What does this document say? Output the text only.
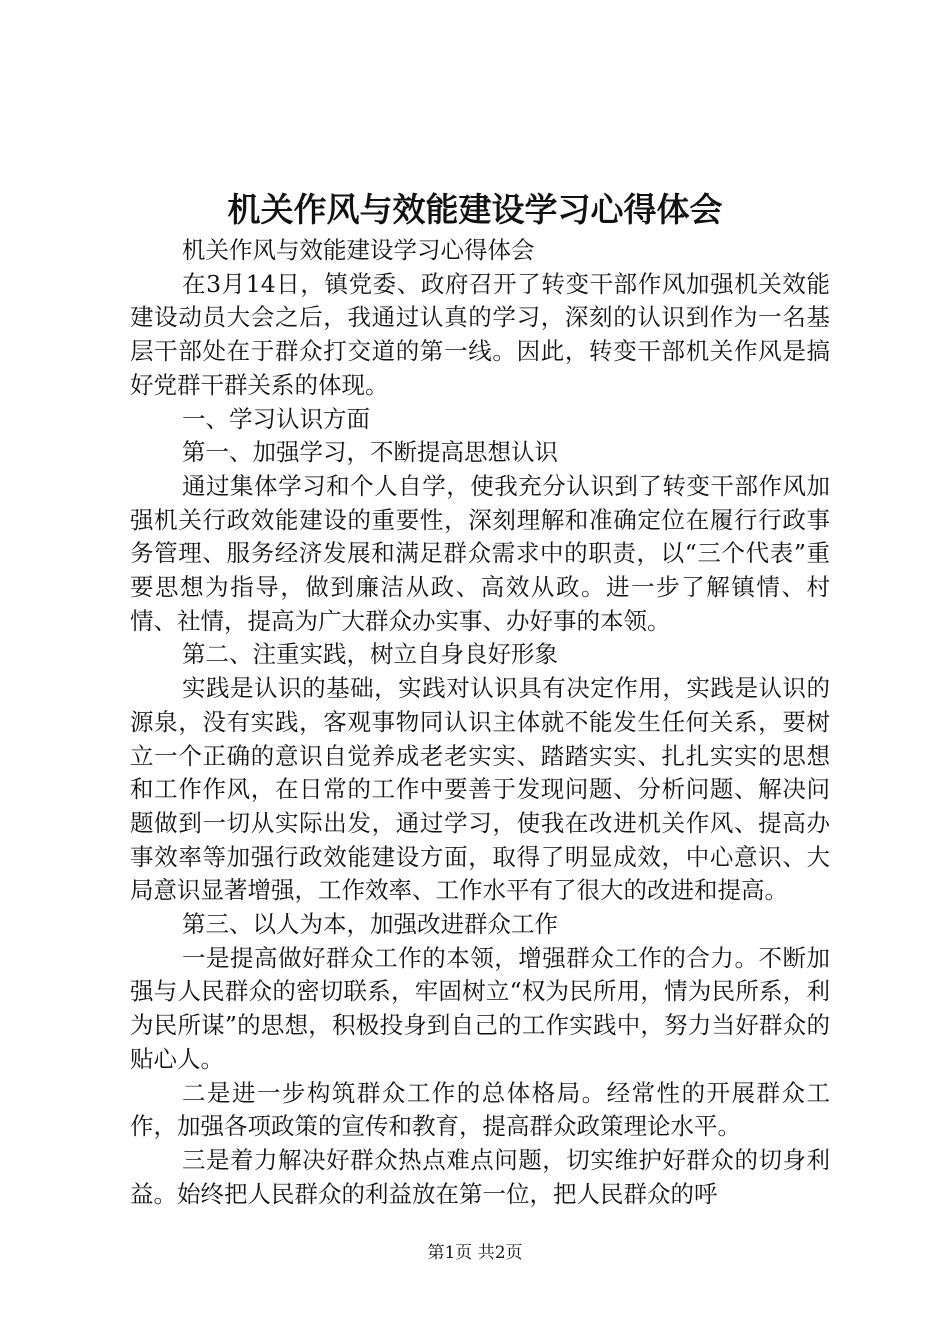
机关作风与效能建设学习心得体会

机关作风与效能建设学习心得体会

在3月14日，镇党委、政府召开了转变干部作风加强机关效能建设动员大会之后，我通过认真的学习，深刻的认识到作为一名基层干部处在于群众打交道的第一线。因此，转变干部机关作风是搞好党群干群关系的体现。

一、学习认识方面

第一、加强学习，不断提高思想认识

通过集体学习和个人自学，使我充分认识到了转变干部作风加强机关行政效能建设的重要性，深刻理解和准确定位在履行行政事务管理、服务经济发展和满足群众需求中的职责，以“三个代表”重要思想为指导，做到廉洁从政、高效从政。进一步了解镇情、村情、社情，提高为广大群众办实事、办好事的本领。

第二、注重实践，树立自身良好形象

实践是认识的基础，实践对认识具有决定作用，实践是认识的源泉，没有实践，客观事物同认识主体就不能发生任何关系，要树立一个正确的意识自觉养成老老实实、踏踏实实、扎扎实实的思想和工作作风，在日常的工作中要善于发现问题、分析问题、解决问题做到一切从实际出发，通过学习，使我在改进机关作风、提高办事效率等加强行政效能建设方面，取得了明显成效，中心意识、大局意识显著增强，工作效率、工作水平有了很大的改进和提高。

第三、以人为本，加强改进群众工作

一是提高做好群众工作的本领，增强群众工作的合力。不断加强与人民群众的密切联系，牢固树立“权为民所用，情为民所系，利为民所谋”的思想，积极投身到自己的工作实践中，努力当好群众的贴心人。

二是进一步构筑群众工作的总体格局。经常性的开展群众工作，加强各项政策的宣传和教育，提高群众政策理论水平。

三是着力解决好群众热点难点问题，切实维护好群众的切身利益。始终把人民群众的利益放在第一位，把人民群众的呼

第1页 共2页
